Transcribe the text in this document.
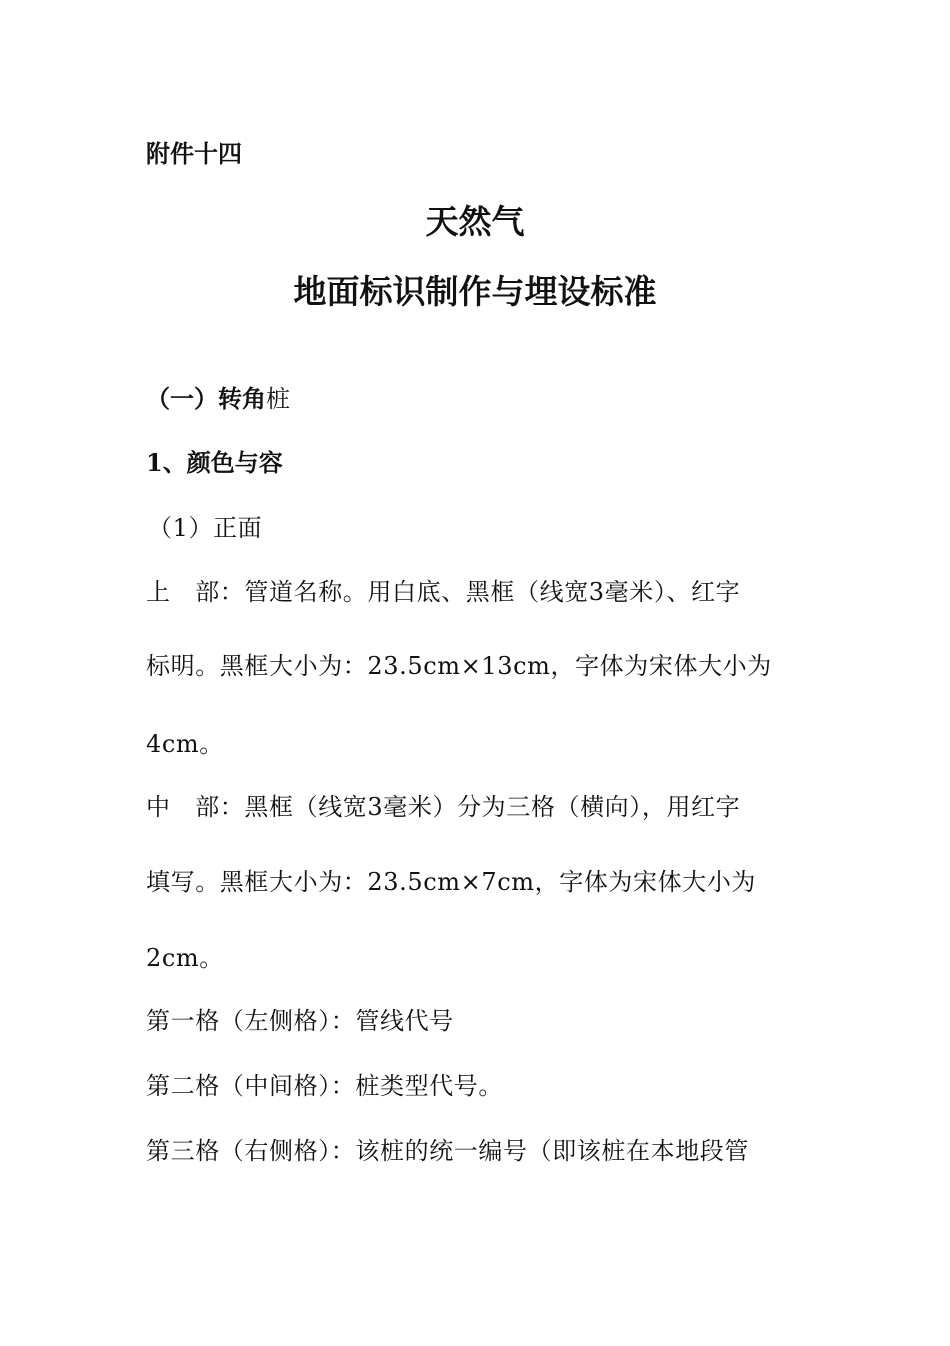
附件十四

天然气

地面标识制作与埋设标准

（一）转角桩

1、颜色与容

（1）正面

上　部：管道名称。用白底、黑框（线宽3毫米）、红字

标明。黑框大小为：23.5cm×13cm，字体为宋体大小为

4cm。

中　部：黑框（线宽3毫米）分为三格（横向），用红字

填写。黑框大小为：23.5cm×7cm，字体为宋体大小为

2cm。

第一格（左侧格）：管线代号

第二格（中间格）：桩类型代号。

第三格（右侧格）：该桩的统一编号（即该桩在本地段管
